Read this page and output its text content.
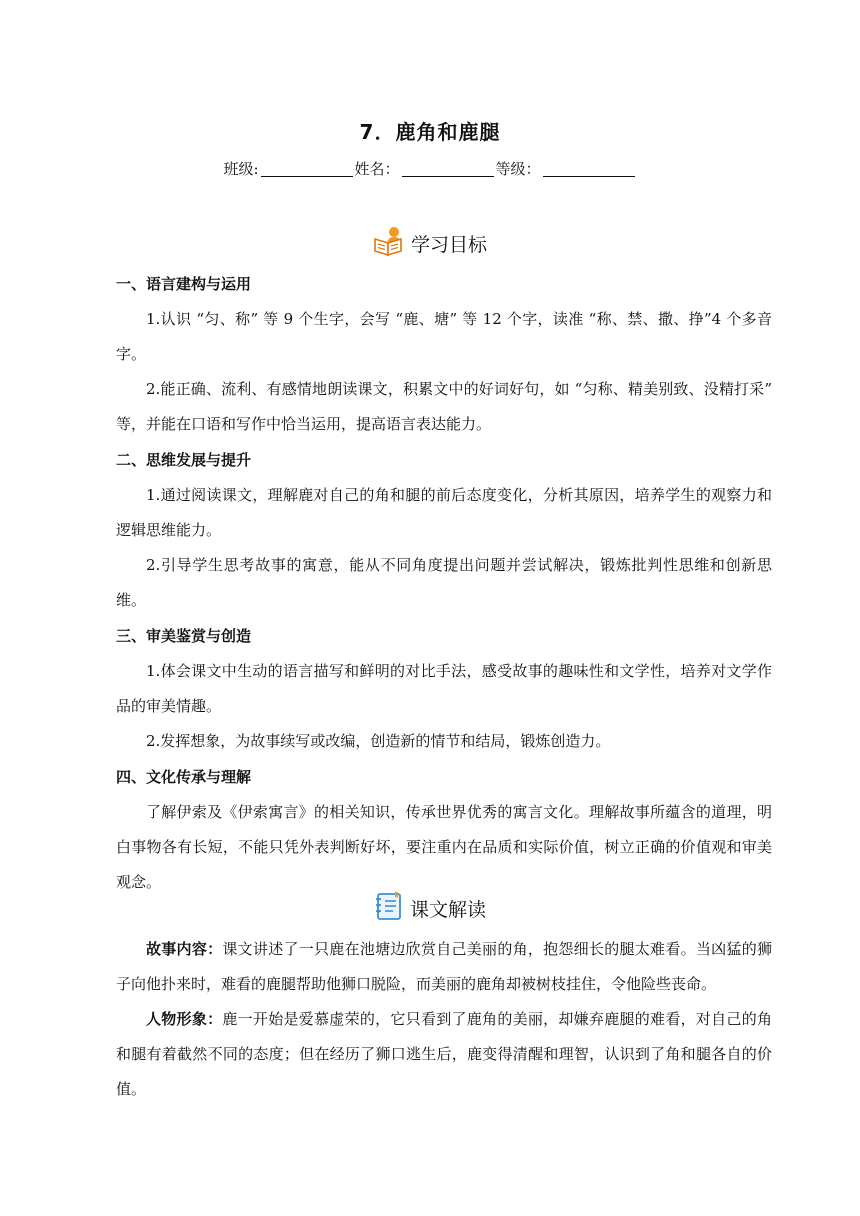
7．鹿角和鹿腿
班级:	姓名：	等级：
学习目标
一、语言建构与运用

1.认识 “匀、称” 等 9 个生字，会写 “鹿、塘” 等 12 个字，读准 “称、禁、撒、挣”4 个多音字。

2.能正确、流利、有感情地朗读课文，积累文中的好词好句，如 “匀称、精美别致、没精打采” 等，并能在口语和写作中恰当运用，提高语言表达能力。

二、思维发展与提升

1.通过阅读课文，理解鹿对自己的角和腿的前后态度变化，分析其原因，培养学生的观察力和逻辑思维能力。

2.引导学生思考故事的寓意，能从不同角度提出问题并尝试解决，锻炼批判性思维和创新思维。

三、审美鉴赏与创造

1.体会课文中生动的语言描写和鲜明的对比手法，感受故事的趣味性和文学性，培养对文学作品的审美情趣。

2.发挥想象，为故事续写或改编，创造新的情节和结局，锻炼创造力。

四、文化传承与理解

了解伊索及《伊索寓言》的相关知识，传承世界优秀的寓言文化。理解故事所蕴含的道理，明白事物各有长短，不能只凭外表判断好坏，要注重内在品质和实际价值，树立正确的价值观和审美观念。

课文解读

故事内容：课文讲述了一只鹿在池塘边欣赏自己美丽的角，抱怨细长的腿太难看。当凶猛的狮子向他扑来时，难看的鹿腿帮助他狮口脱险，而美丽的鹿角却被树枝挂住，令他险些丧命。

人物形象：鹿一开始是爱慕虚荣的，它只看到了鹿角的美丽，却嫌弃鹿腿的难看，对自己的角和腿有着截然不同的态度；但在经历了狮口逃生后，鹿变得清醒和理智，认识到了角和腿各自的价值。
